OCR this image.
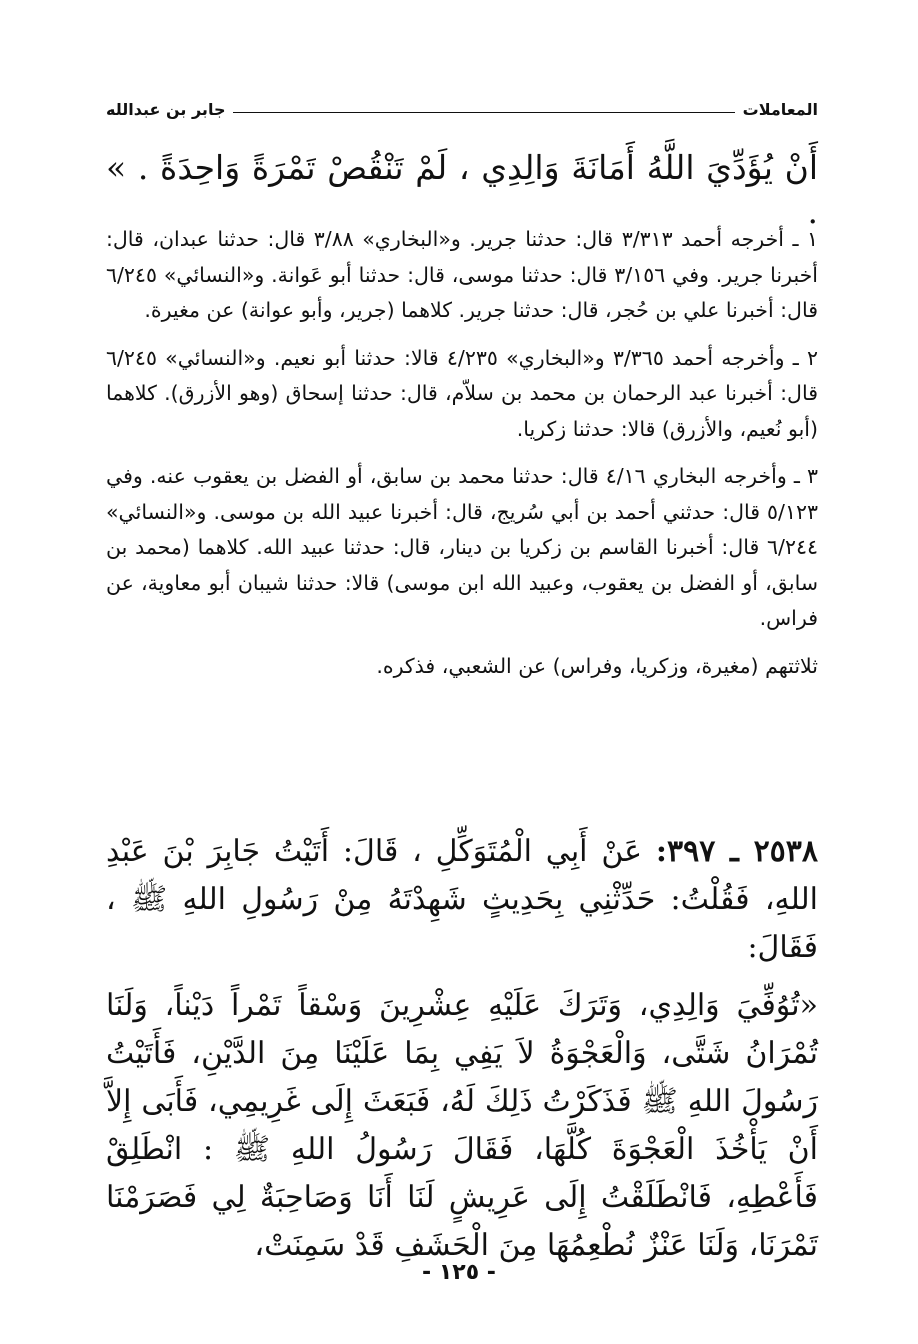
المعاملات
جابر بن عبدالله

أَنْ يُؤَدِّيَ اللَّهُ أَمَانَةَ وَالِدِي ، لَمْ تَنْقُصْ تَمْرَةً وَاحِدَةً . » .

١ ـ أخرجه أحمد ٣/٣١٣ قال: حدثنا جرير. و«البخاري» ٣/٨٨ قال: حدثنا عبدان، قال: أخبرنا جرير. وفي ٣/١٥٦ قال: حدثنا موسى، قال: حدثنا أبو عَوانة. و«النسائي» ٦/٢٤٥ قال: أخبرنا علي بن حُجر، قال: حدثنا جرير. كلاهما (جرير، وأبو عوانة) عن مغيرة.

٢ ـ وأخرجه أحمد ٣/٣٦٥ و«البخاري» ٤/٢٣٥ قالا: حدثنا أبو نعيم. و«النسائي» ٦/٢٤٥ قال: أخبرنا عبد الرحمان بن محمد بن سلاّم، قال: حدثنا إسحاق (وهو الأزرق). كلاهما (أبو نُعيم، والأزرق) قالا: حدثنا زكريا.

٣ ـ وأخرجه البخاري ٤/١٦ قال: حدثنا محمد بن سابق، أو الفضل بن يعقوب عنه. وفي ٥/١٢٣ قال: حدثني أحمد بن أبي سُريج، قال: أخبرنا عبيد الله بن موسى. و«النسائي» ٦/٢٤٤ قال: أخبرنا القاسم بن زكريا بن دينار، قال: حدثنا عبيد الله. كلاهما (محمد بن سابق، أو الفضل بن يعقوب، وعبيد الله ابن موسى) قالا: حدثنا شيبان أبو معاوية، عن فراس.

ثلاثتهم (مغيرة، وزكريا، وفراس) عن الشعبي، فذكره.

٢٥٣٨ ـ ٣٩٧: عَنْ أَبِي الْمُتَوَكِّلِ ، قَالَ: أَتَيْتُ جَابِرَ بْنَ عَبْدِ اللهِ، فَقُلْتُ: حَدِّثْنِي بِحَدِيثٍ شَهِدْتَهُ مِنْ رَسُولِ اللهِ ﷺ ، فَقَالَ:

«تُوُفِّيَ وَالِدِي، وَتَرَكَ عَلَيْهِ عِشْرِينَ وَسْقاً تَمْراً دَيْناً، وَلَنَا تُمْرَانُ شَتَّى، وَالْعَجْوَةُ لاَ يَفِي بِمَا عَلَيْنَا مِنَ الدَّيْنِ، فَأَتَيْتُ رَسُولَ اللهِ ﷺ فَذَكَرْتُ ذَلِكَ لَهُ، فَبَعَثَ إِلَى غَرِيمِي، فَأَبَى إِلاَّ أَنْ يَأْخُذَ الْعَجْوَةَ كُلَّهَا، فَقَالَ رَسُولُ اللهِ ﷺ : انْطَلِقْ فَأَعْطِهِ، فَانْطَلَقْتُ إِلَى عَرِيشٍ لَنَا أَنَا وَصَاحِبَةٌ لِي فَصَرَمْنَا تَمْرَنَا، وَلَنَا عَنْزٌ نُطْعِمُهَا مِنَ الْحَشَفِ قَدْ سَمِنَتْ،

- ١٢٥ -
